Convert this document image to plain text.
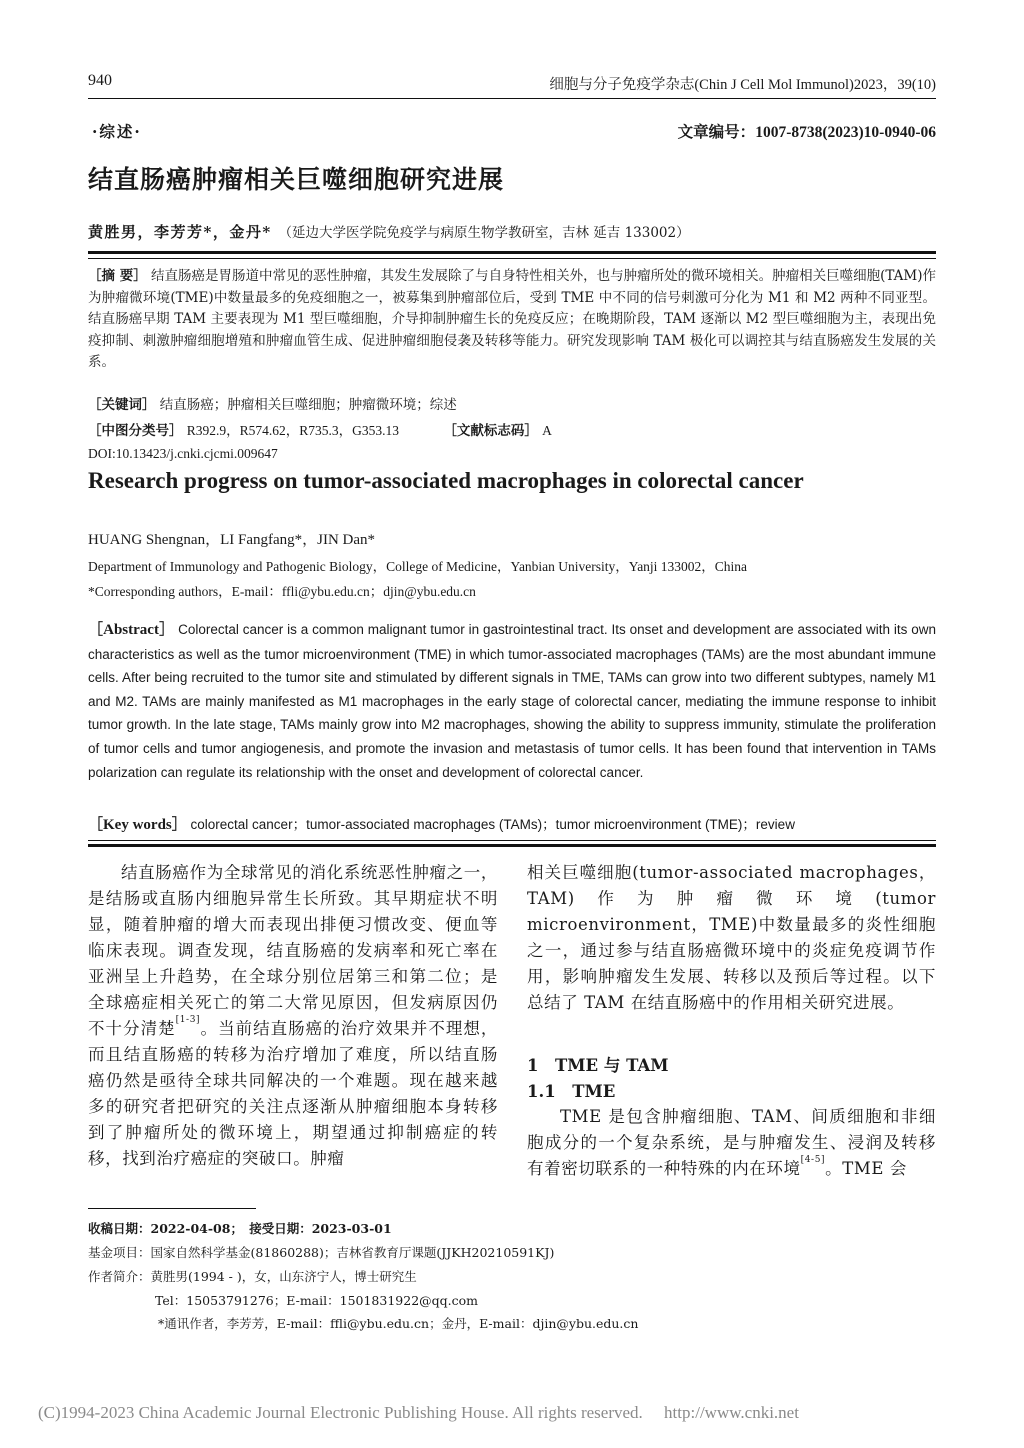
940	细胞与分子免疫学杂志(Chin J Cell Mol Immunol)2023，39(10)
·综述·	文章编号：1007-8738(2023)10-0940-06
结直肠癌肿瘤相关巨噬细胞研究进展
黄胜男，李芳芳*，金丹* （延边大学医学院免疫学与病原生物学教研室，吉林 延吉 133002）
［摘 要］ 结直肠癌是胃肠道中常见的恶性肿瘤，其发生发展除了与自身特性相关外，也与肿瘤所处的微环境相关。肿瘤相关巨噬细胞(TAM)作为肿瘤微环境(TME)中数量最多的免疫细胞之一，被募集到肿瘤部位后，受到 TME 中不同的信号刺激可分化为 M1 和 M2 两种不同亚型。结直肠癌早期 TAM 主要表现为 M1 型巨噬细胞，介导抑制肿瘤生长的免疫反应；在晚期阶段，TAM 逐渐以 M2 型巨噬细胞为主，表现出免疫抑制、刺激肿瘤细胞增殖和肿瘤血管生成、促进肿瘤细胞侵袭及转移等能力。研究发现影响 TAM 极化可以调控其与结直肠癌发生发展的关系。
［关键词］ 结直肠癌；肿瘤相关巨噬细胞；肿瘤微环境；综述
［中图分类号］ R392.9，R574.62，R735.3，G353.13	［文献标志码］ A
DOI:10.13423/j.cnki.cjcmi.009647
Research progress on tumor-associated macrophages in colorectal cancer
HUANG Shengnan，LI Fangfang*，JIN Dan*
Department of Immunology and Pathogenic Biology，College of Medicine，Yanbian University，Yanji 133002，China
*Corresponding authors，E-mail：ffli@ybu.edu.cn；djin@ybu.edu.cn
［Abstract］ Colorectal cancer is a common malignant tumor in gastrointestinal tract. Its onset and development are associated with its own characteristics as well as the tumor microenvironment (TME) in which tumor-associated macrophages (TAMs) are the most abundant immune cells. After being recruited to the tumor site and stimulated by different signals in TME, TAMs can grow into two different subtypes, namely M1 and M2. TAMs are mainly manifested as M1 macrophages in the early stage of colorectal cancer, mediating the immune response to inhibit tumor growth. In the late stage, TAMs mainly grow into M2 macrophages, showing the ability to suppress immunity, stimulate the proliferation of tumor cells and tumor angiogenesis, and promote the invasion and metastasis of tumor cells. It has been found that intervention in TAMs polarization can regulate its relationship with the onset and development of colorectal cancer.
［Key words］ colorectal cancer；tumor-associated macrophages (TAMs)；tumor microenvironment (TME)；review
结直肠癌作为全球常见的消化系统恶性肿瘤之一，是结肠或直肠内细胞异常生长所致。其早期症状不明显，随着肿瘤的增大而表现出排便习惯改变、便血等临床表现。调查发现，结直肠癌的发病率和死亡率在亚洲呈上升趋势，在全球分别位居第三和第二位；是全球癌症相关死亡的第二大常见原因，但发病原因仍不十分清楚[1-3]。当前结直肠癌的治疗效果并不理想，而且结直肠癌的转移为治疗增加了难度，所以结直肠癌仍然是亟待全球共同解决的一个难题。现在越来越多的研究者把研究的关注点逐渐从肿瘤细胞本身转移到了肿瘤所处的微环境上，期望通过抑制癌症的转移，找到治疗癌症的突破口。肿瘤
相关巨噬细胞(tumor-associated macrophages，TAM)作为肿瘤微环境(tumor microenvironment，TME)中数量最多的炎性细胞之一，通过参与结直肠癌微环境中的炎症免疫调节作用，影响肿瘤发生发展、转移以及预后等过程。以下总结了 TAM 在结直肠癌中的作用相关研究进展。
1　TME 与 TAM
1.1　TME
TME 是包含肿瘤细胞、TAM、间质细胞和非细胞成分的一个复杂系统，是与肿瘤发生、浸润及转移有着密切联系的一种特殊的内在环境[4-5]。TME 会
收稿日期：2022-04-08；　接受日期：2023-03-01
基金项目：国家自然科学基金(81860288)；吉林省教育厅课题(JJKH20210591KJ)
作者简介：黄胜男(1994 - )，女，山东济宁人，博士研究生
Tel：15053791276；E-mail：1501831922@qq.com
*通讯作者，李芳芳，E-mail：ffli@ybu.edu.cn；金丹，E-mail：djin@ybu.edu.cn
(C)1994-2023 China Academic Journal Electronic Publishing House. All rights reserved.　 http://www.cnki.net
